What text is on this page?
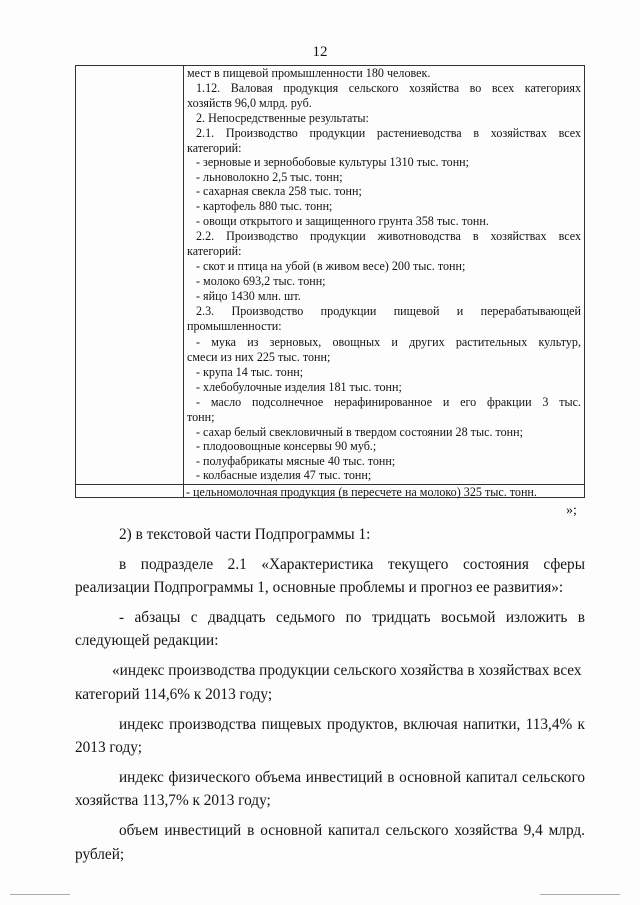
12
мест в пищевой промышленности 180 человек.
1.12. Валовая продукция сельского хозяйства во всех категориях
хозяйств 96,0 млрд. руб.
2. Непосредственные результаты:
2.1. Производство продукции растениеводства в хозяйствах всех
категорий:
- зерновые и зернобобовые культуры 1310 тыс. тонн;
- льноволокно 2,5 тыс. тонн;
- сахарная свекла 258 тыс. тонн;
- картофель 880 тыс. тонн;
- овощи открытого и защищенного грунта 358 тыс. тонн.
2.2. Производство продукции животноводства в хозяйствах всех
категорий:
- скот и птица на убой (в живом весе) 200 тыс. тонн;
- молоко 693,2 тыс. тонн;
- яйцо 1430 млн. шт.
2.3. Производство продукции пищевой и перерабатывающей
промышленности:
- мука из зерновых, овощных и других растительных культур,
смеси из них 225 тыс. тонн;
- крупа 14 тыс. тонн;
- хлебобулочные изделия 181 тыс. тонн;
- масло подсолнечное нерафинированное и его фракции 3 тыс.
тонн;
- сахар белый свекловичный в твердом состоянии 28 тыс. тонн;
- плодоовощные консервы 90 муб.;
- полуфабрикаты мясные 40 тыс. тонн;
- колбасные изделия 47 тыс. тонн;
- цельномолочная продукция (в пересчете на молоко) 325 тыс. тонн.
»;
2) в текстовой части Подпрограммы 1:
в подразделе 2.1 «Характеристика текущего состояния сферы
реализации Подпрограммы 1, основные проблемы и прогноз ее развития»:
- абзацы с двадцать седьмого по тридцать восьмой изложить в
следующей редакции:
«индекс производства продукции сельского хозяйства в хозяйствах всех
категорий 114,6% к 2013 году;
индекс производства пищевых продуктов, включая напитки, 113,4% к
2013 году;
индекс физического объема инвестиций в основной капитал сельского
хозяйства 113,7% к 2013 году;
объем инвестиций в основной капитал сельского хозяйства 9,4 млрд.
рублей;
